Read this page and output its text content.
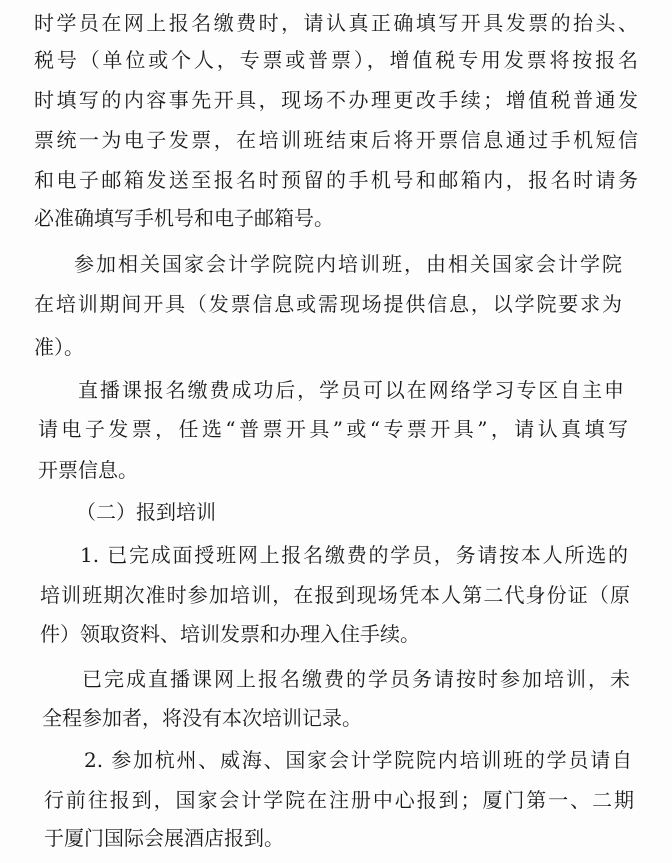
时学员在网上报名缴费时，请认真正确填写开具发票的抬头、
税号（单位或个人，专票或普票），增值税专用发票将按报名
时填写的内容事先开具，现场不办理更改手续；增值税普通发
票统一为电子发票，在培训班结束后将开票信息通过手机短信
和电子邮箱发送至报名时预留的手机号和邮箱内，报名时请务
必准确填写手机号和电子邮箱号。
参加相关国家会计学院院内培训班，由相关国家会计学院
在培训期间开具（发票信息或需现场提供信息，以学院要求为
准）。
直播课报名缴费成功后，学员可以在网络学习专区自主申
请电子发票，任选“普票开具”或“专票开具”，请认真填写
开票信息。
（二）报到培训
1. 已完成面授班网上报名缴费的学员，务请按本人所选的
培训班期次准时参加培训，在报到现场凭本人第二代身份证（原
件）领取资料、培训发票和办理入住手续。
已完成直播课网上报名缴费的学员务请按时参加培训，未
全程参加者，将没有本次培训记录。
2. 参加杭州、威海、国家会计学院院内培训班的学员请自
行前往报到，国家会计学院在注册中心报到；厦门第一、二期
于厦门国际会展酒店报到。
